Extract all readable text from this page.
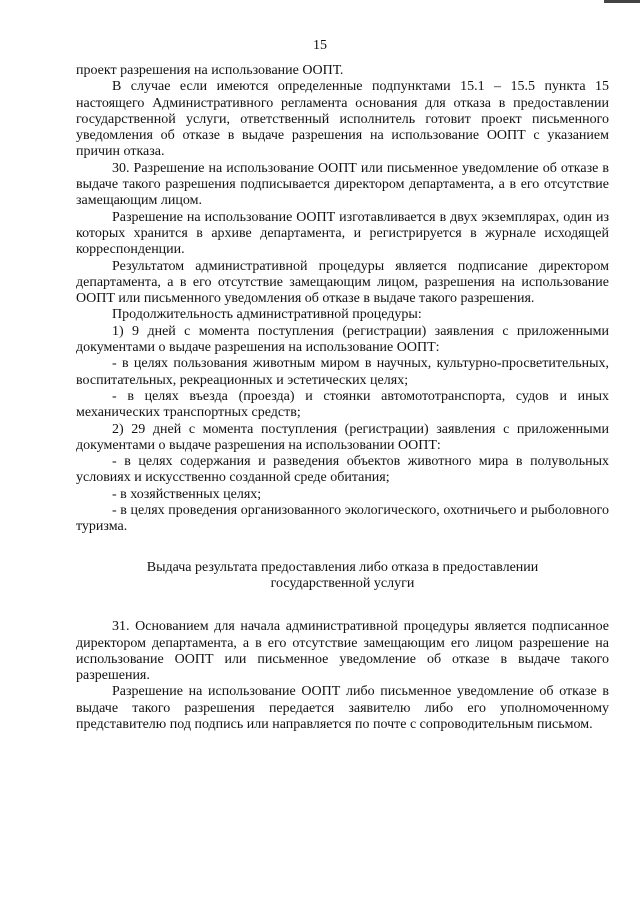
15

проект разрешения на использование ООПТ.

В случае если имеются определенные подпунктами 15.1 – 15.5 пункта 15 настоящего Административного регламента основания для отказа в предоставлении государственной услуги, ответственный исполнитель готовит проект письменного уведомления об отказе в выдаче разрешения на использование ООПТ с указанием причин отказа.

30. Разрешение на использование ООПТ или письменное уведомление об отказе в выдаче такого разрешения подписывается директором департамента, а в его отсутствие замещающим лицом.

Разрешение на использование ООПТ изготавливается в двух экземплярах, один из которых хранится в архиве департамента, и регистрируется в журнале исходящей корреспонденции.

Результатом административной процедуры является подписание директором департамента, а в его отсутствие замещающим лицом, разрешения на использование ООПТ или письменного уведомления об отказе в выдаче такого разрешения.

Продолжительность административной процедуры:

1) 9 дней с момента поступления (регистрации) заявления с приложенными документами о выдаче разрешения на использование ООПТ:

- в целях пользования животным миром в научных, культурно-просветительных, воспитательных, рекреационных и эстетических целях;

- в целях въезда (проезда) и стоянки автомототранспорта, судов и иных механических транспортных средств;

2) 29 дней с момента поступления (регистрации) заявления с приложенными документами о выдаче разрешения на использовании ООПТ:

- в целях содержания и разведения объектов животного мира в полувольных условиях и искусственно созданной среде обитания;

- в хозяйственных целях;

- в целях проведения организованного экологического, охотничьего и рыболовного туризма.

Выдача результата предоставления либо отказа в предоставлении
государственной услуги

31. Основанием для начала административной процедуры является подписанное директором департамента, а в его отсутствие замещающим его лицом разрешение на использование ООПТ или письменное уведомление об отказе в выдаче такого разрешения.

Разрешение на использование ООПТ либо письменное уведомление об отказе в выдаче такого разрешения передается заявителю либо его уполномоченному представителю под подпись или направляется по почте с сопроводительным письмом.
